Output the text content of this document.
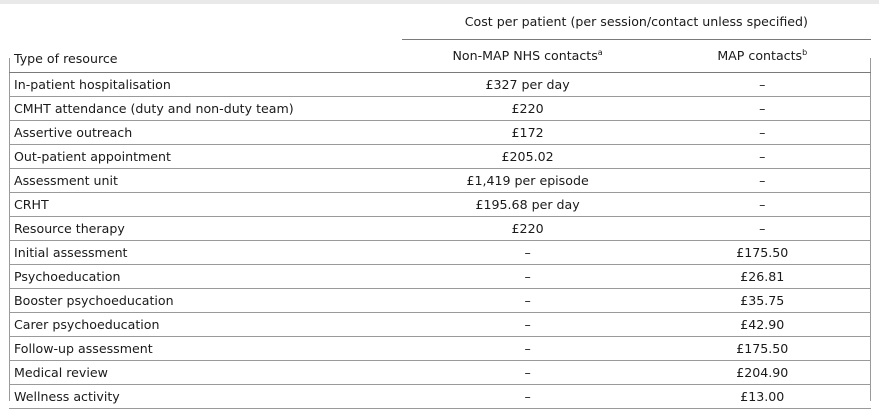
	Cost per patient (per session/contact unless specified)	
Type of resource	Non-MAP NHS contacts$^a$	MAP contacts$^b$
In-patient hospitalisation	£327 per day	–
CMHT attendance (duty and non-duty team)	£220	–
Assertive outreach	£172	–
Out-patient appointment	£205.02	–
Assessment unit	£1,419 per episode	–
CRHT	£195.68 per day	–
Resource therapy	£220	–
Initial assessment	–	£175.50
Psychoeducation	–	£26.81
Booster psychoeducation	–	£35.75
Carer psychoeducation	–	£42.90
Follow-up assessment	–	£175.50
Medical review	–	£204.90
Wellness activity	–	£13.00
